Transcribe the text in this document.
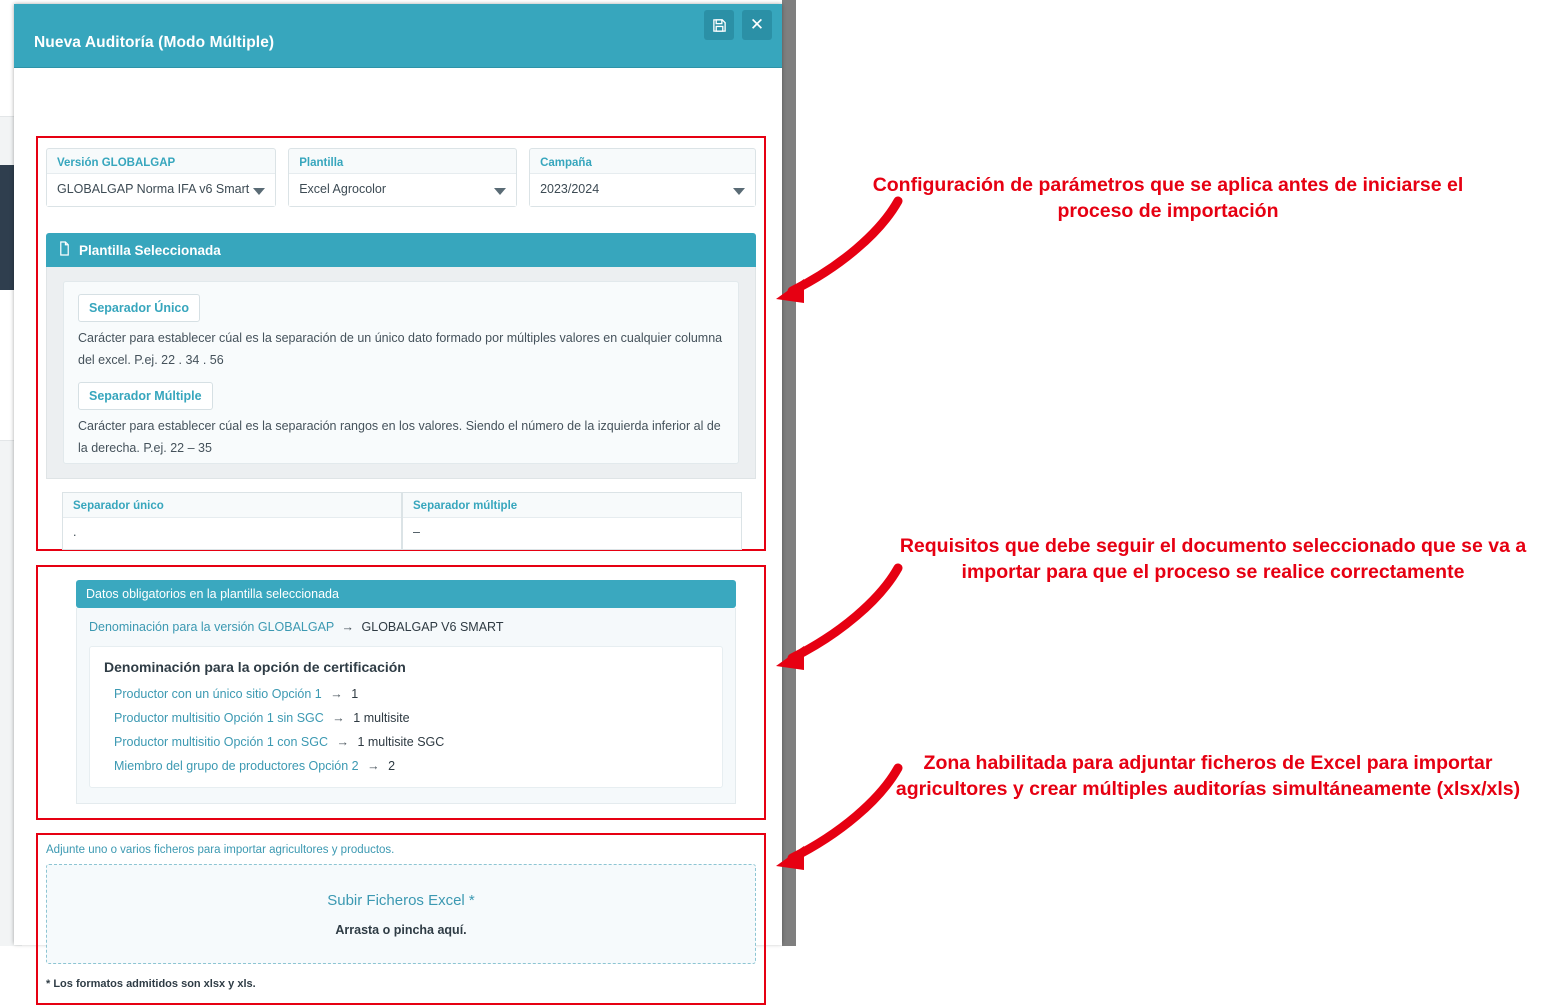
Nueva Auditoría (Modo Múltiple)
✕
Versión GLOBALGAP
GLOBALGAP Norma IFA v6 Smart
Plantilla
Excel Agrocolor
Campaña
2023/2024
Plantilla Seleccionada
Separador Único

Carácter para establecer cúal es la separación de un único dato formado por múltiples valores en cualquier columna del excel. P.ej. 22 . 34 . 56

Separador Múltiple

Carácter para establecer cúal es la separación rangos en los valores. Siendo el número de la izquierda inferior al de la derecha. P.ej. 22 – 35

Separador único
.
Separador múltiple
–
Datos obligatorios en la plantilla seleccionada
Denominación para la versión GLOBALGAP → GLOBALGAP V6 SMART
Denominación para la opción de certificación
Productor con un único sitio Opción 1 → 1
Productor multisitio Opción 1 sin SGC → 1 multisite
Productor multisitio Opción 1 con SGC → 1 multisite SGC
Miembro del grupo de productores Opción 2 → 2
Adjunte uno o varios ficheros para importar agricultores y productos.
Subir Ficheros Excel *
Arrasta o pincha aquí.
* Los formatos admitidos son xlsx y xls.
Configuración de parámetros que se aplica antes de iniciarse el proceso de importación
Requisitos que debe seguir el documento seleccionado que se va a importar para que el proceso se realice correctamente
Zona habilitada para adjuntar ficheros de Excel para importar agricultores y crear múltiples auditorías simultáneamente (xlsx/xls)
